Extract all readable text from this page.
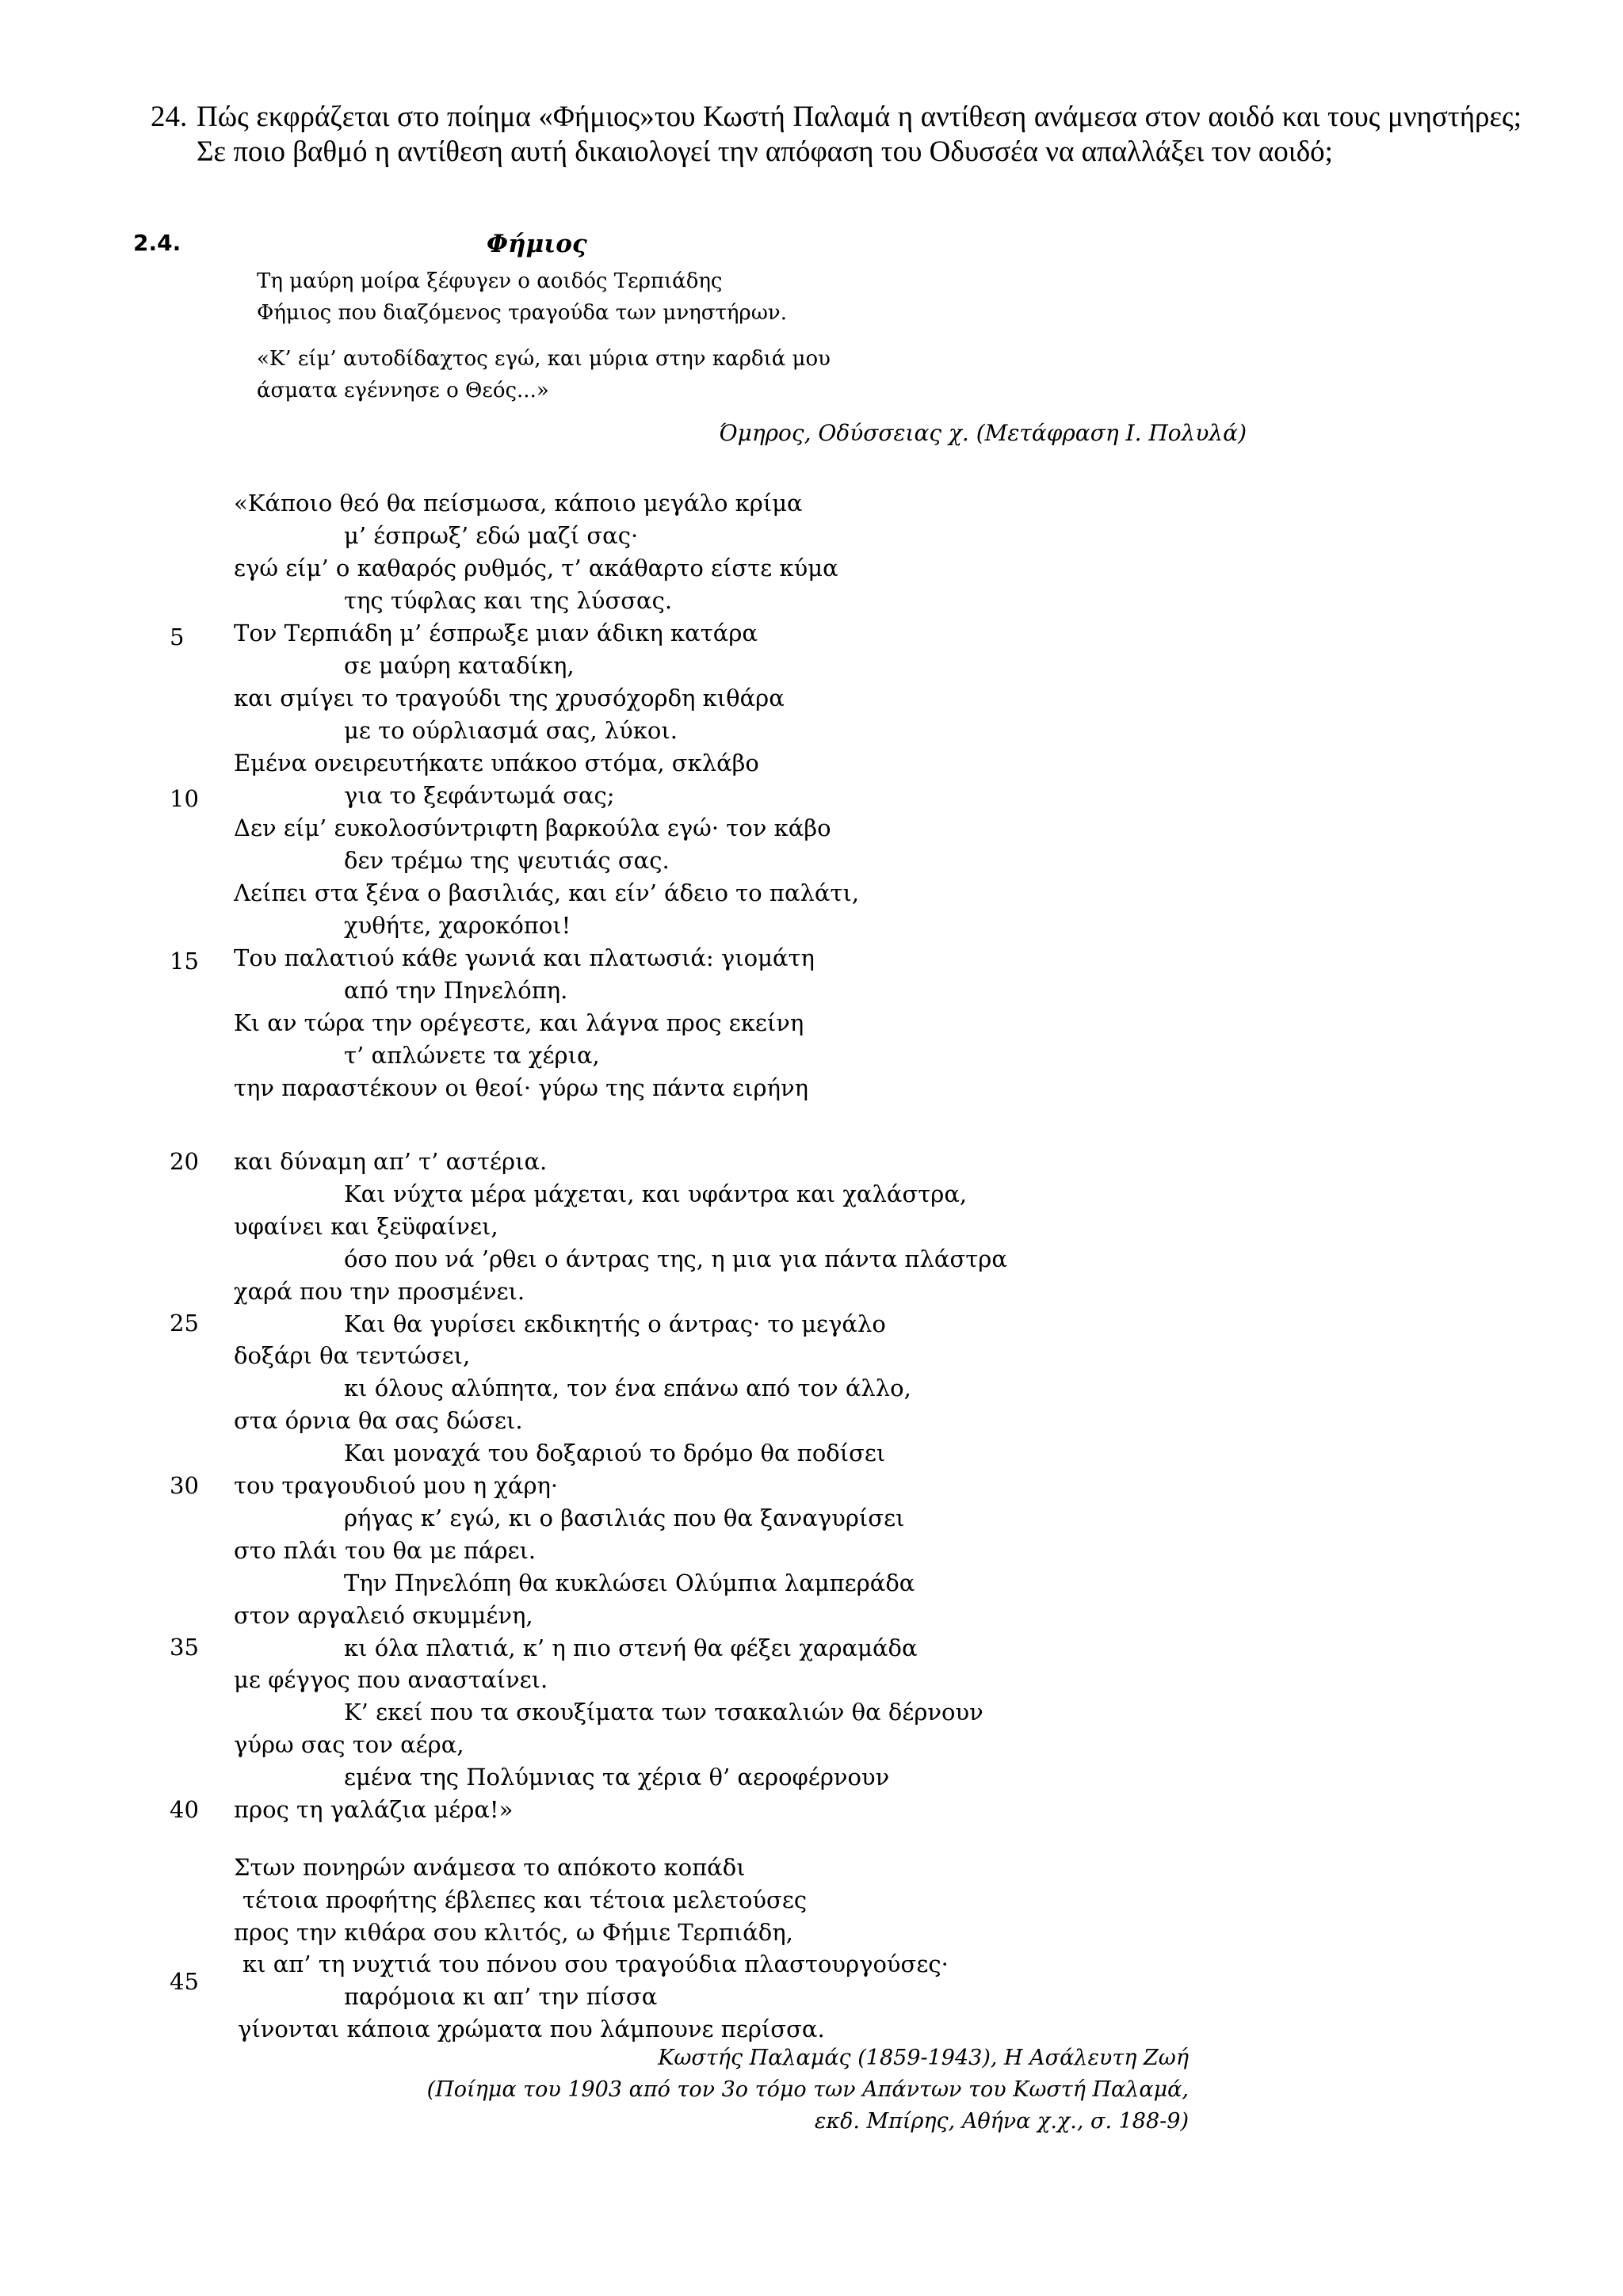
24. Πώς εκφράζεται στο ποίημα «Φήμιος»του Κωστή Παλαμά η αντίθεση ανάμεσα στον αοιδό και τους μνηστήρες; Σε ποιο βαθμό η αντίθεση αυτή δικαιολογεί την απόφαση του Οδυσσέα να απαλλάξει τον αοιδό;
2.4.	Φήμιος
Τη μαύρη μοίρα ξέφυγεν ο αοιδός Τερπιάδης
Φήμιος που διαζόμενος τραγούδα των μνηστήρων.
«Κ’ είμ’ αυτοδίδαχτος εγώ, και μύρια στην καρδιά μου
άσματα εγέννησε ο Θεός...»
Όμηρος, Οδύσσειας χ. (Μετάφραση Ι. Πολυλά)
«Κάποιο θεό θα πείσμωσα, κάποιο μεγάλο κρίμα
μ’ έσπρωξ’ εδώ μαζί σας·
εγώ είμ’ ο καθαρός ρυθμός, τ’ ακάθαρτο είστε κύμα
της τύφλας και της λύσσας.
Τον Τερπιάδη μ’ έσπρωξε μιαν άδικη κατάρα
σε μαύρη καταδίκη,
και σμίγει το τραγούδι της χρυσόχορδη κιθάρα
με το ούρλιασμά σας, λύκοι.
Εμένα ονειρευτήκατε υπάκοο στόμα, σκλάβο
για το ξεφάντωμά σας;
Δεν είμ’ ευκολοσύντριφτη βαρκούλα εγώ· τον κάβο
δεν τρέμω της ψευτιάς σας.
Λείπει στα ξένα ο βασιλιάς, και είν’ άδειο το παλάτι,
χυθήτε, χαροκόποι!
Του παλατιού κάθε γωνιά και πλατωσιά: γιομάτη
από την Πηνελόπη.
Κι αν τώρα την ορέγεστε, και λάγνα προς εκείνη
τ’ απλώνετε τα χέρια,
την παραστέκουν οι θεοί· γύρω της πάντα ειρήνη
και δύναμη απ’ τ’ αστέρια.
Και νύχτα μέρα μάχεται, και υφάντρα και χαλάστρα,
υφαίνει και ξεϋφαίνει,
όσο που νά ’ρθει ο άντρας της, η μια για πάντα πλάστρα
χαρά που την προσμένει.
Και θα γυρίσει εκδικητής ο άντρας· το μεγάλο
δοξάρι θα τεντώσει,
κι όλους αλύπητα, τον ένα επάνω από τον άλλο,
στα όρνια θα σας δώσει.
Και μοναχά του δοξαριού το δρόμο θα ποδίσει
του τραγουδιού μου η χάρη·
ρήγας κ’ εγώ, κι ο βασιλιάς που θα ξαναγυρίσει
στο πλάι του θα με πάρει.
Την Πηνελόπη θα κυκλώσει Ολύμπια λαμπεράδα
στον αργαλειό σκυμμένη,
κι όλα πλατιά, κ’ η πιο στενή θα φέξει χαραμάδα
με φέγγος που ανασταίνει.
Κ’ εκεί που τα σκουξίματα των τσακαλιών θα δέρνουν
γύρω σας τον αέρα,
εμένα της Πολύμνιας τα χέρια θ’ αεροφέρνουν
προς τη γαλάζια μέρα!»
Στων πονηρών ανάμεσα το απόκοτο κοπάδι
τέτοια προφήτης έβλεπες και τέτοια μελετούσες
προς την κιθάρα σου κλιτός, ω Φήμιε Τερπιάδη,
κι απ’ τη νυχτιά του πόνου σου τραγούδια πλαστουργούσες·
παρόμοια κι απ’ την πίσσα
γίνονται κάποια χρώματα που λάμπουνε περίσσα.
5
10
15
20
25
30
35
40
45
Κωστής Παλαμάς (1859-1943), Η Ασάλευτη Ζωή
(Ποίημα του 1903 από τον 3ο τόμο των Απάντων του Κωστή Παλαμά,
εκδ. Μπίρης, Αθήνα χ.χ., σ. 188-9)
